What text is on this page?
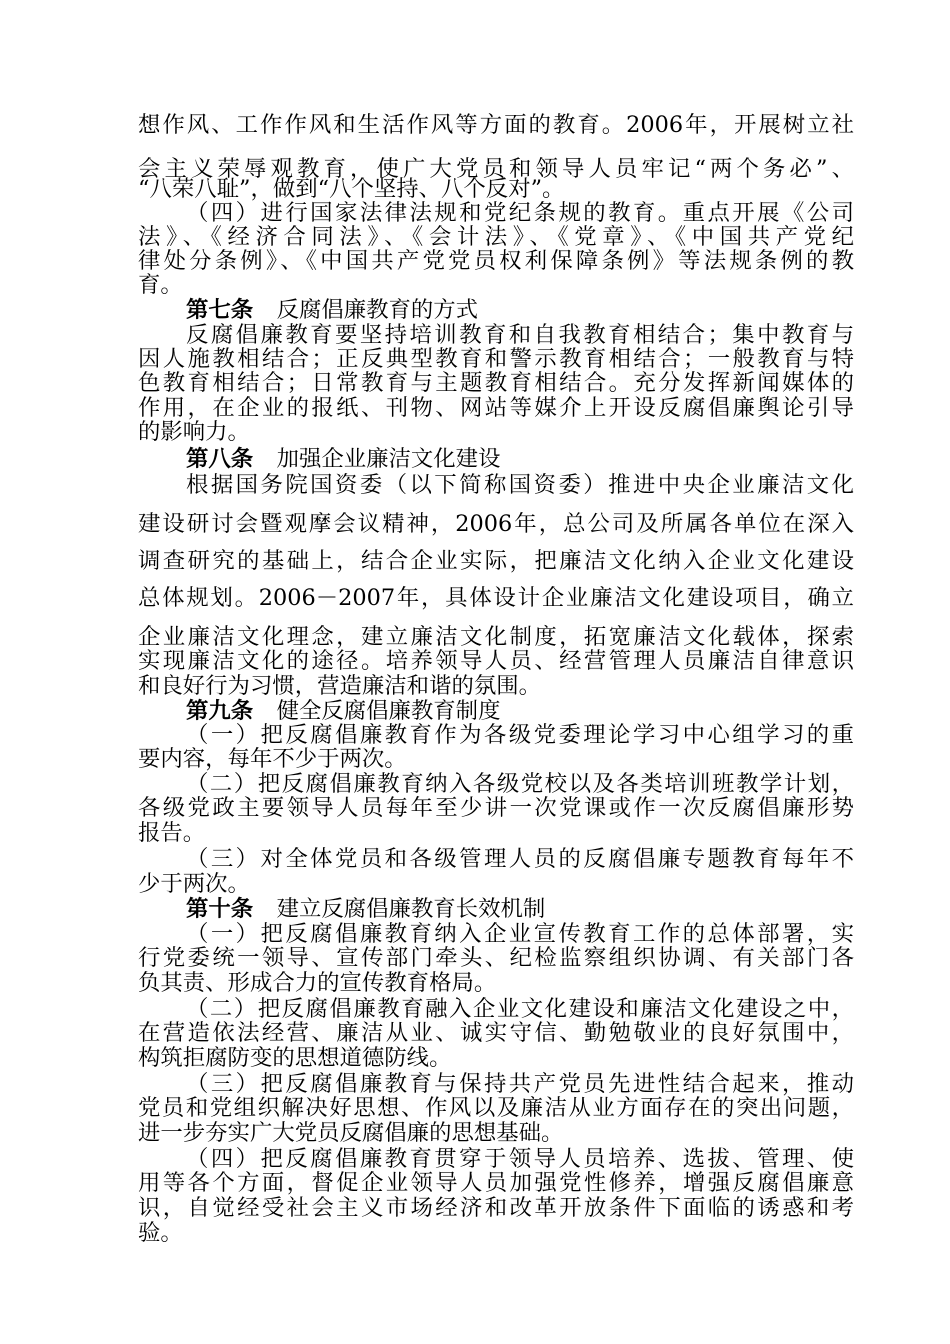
想作风、工作作风和生活作风等方面的教育。2006年，开展树立社
会主义荣辱观教育，使广大党员和领导人员牢记“两个务必”、
“八荣八耻”，做到“八个坚持、八个反对”。
（四）进行国家法律法规和党纪条规的教育。重点开展《公司
法》、《经济合同法》、《会计法》、《党章》、《中国共产党纪
律处分条例》、《中国共产党党员权利保障条例》等法规条例的教
育。
第七条 反腐倡廉教育的方式
反腐倡廉教育要坚持培训教育和自我教育相结合；集中教育与
因人施教相结合；正反典型教育和警示教育相结合；一般教育与特
色教育相结合；日常教育与主题教育相结合。充分发挥新闻媒体的
作用，在企业的报纸、刊物、网站等媒介上开设反腐倡廉舆论引导
的影响力。
第八条 加强企业廉洁文化建设
根据国务院国资委（以下简称国资委）推进中央企业廉洁文化
建设研讨会暨观摩会议精神，2006年，总公司及所属各单位在深入
调查研究的基础上，结合企业实际，把廉洁文化纳入企业文化建设
总体规划。2006－2007年，具体设计企业廉洁文化建设项目，确立
企业廉洁文化理念，建立廉洁文化制度，拓宽廉洁文化载体，探索
实现廉洁文化的途径。培养领导人员、经营管理人员廉洁自律意识
和良好行为习惯，营造廉洁和谐的氛围。
第九条 健全反腐倡廉教育制度
（一）把反腐倡廉教育作为各级党委理论学习中心组学习的重
要内容，每年不少于两次。
（二）把反腐倡廉教育纳入各级党校以及各类培训班教学计划，
各级党政主要领导人员每年至少讲一次党课或作一次反腐倡廉形势
报告。
（三）对全体党员和各级管理人员的反腐倡廉专题教育每年不
少于两次。
第十条 建立反腐倡廉教育长效机制
（一）把反腐倡廉教育纳入企业宣传教育工作的总体部署，实
行党委统一领导、宣传部门牵头、纪检监察组织协调、有关部门各
负其责、形成合力的宣传教育格局。
（二）把反腐倡廉教育融入企业文化建设和廉洁文化建设之中，
在营造依法经营、廉洁从业、诚实守信、勤勉敬业的良好氛围中，
构筑拒腐防变的思想道德防线。
（三）把反腐倡廉教育与保持共产党员先进性结合起来，推动
党员和党组织解决好思想、作风以及廉洁从业方面存在的突出问题，
进一步夯实广大党员反腐倡廉的思想基础。
（四）把反腐倡廉教育贯穿于领导人员培养、选拔、管理、使
用等各个方面，督促企业领导人员加强党性修养，增强反腐倡廉意
识，自觉经受社会主义市场经济和改革开放条件下面临的诱惑和考
验。
